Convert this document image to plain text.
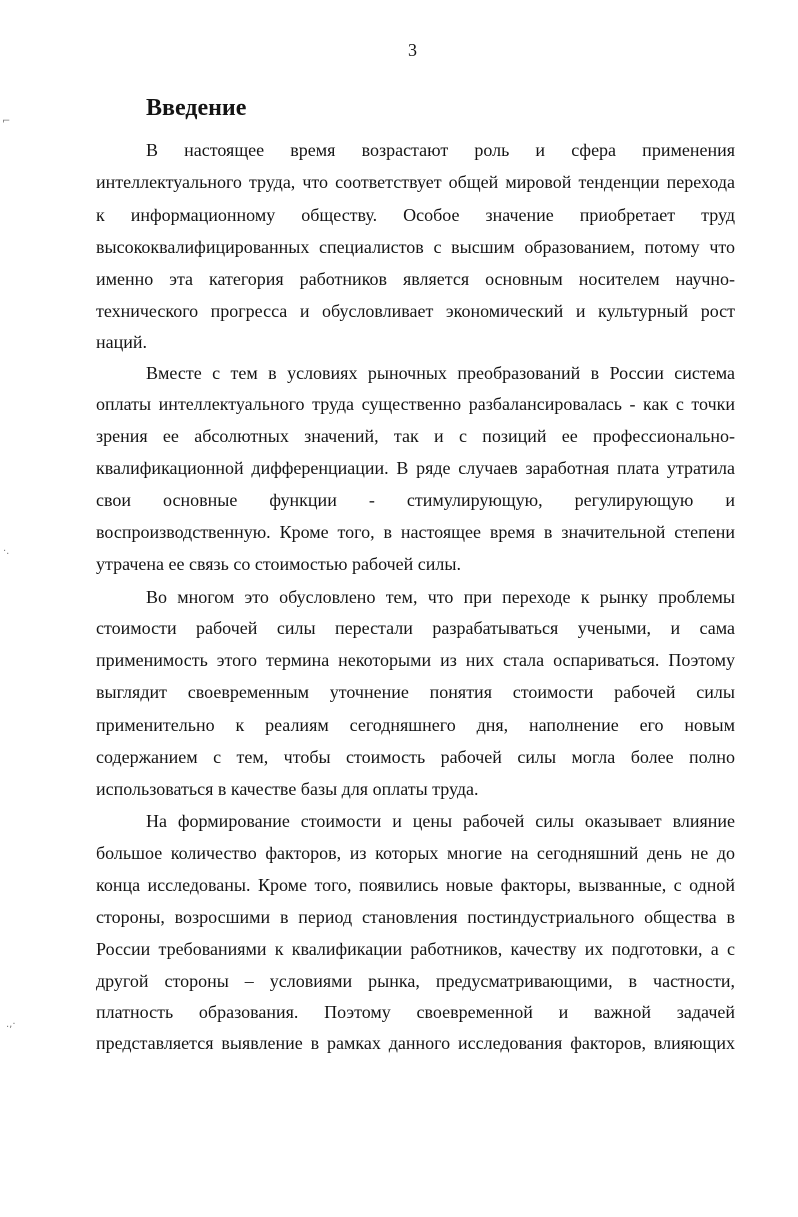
3
Введение
⌐
·.
.,·
В настоящее время возрастают роль и сфера применения
интеллектуального труда, что соответствует общей мировой тенденции перехода
к информационному обществу. Особое значение приобретает труд
высококвалифицированных специалистов с высшим образованием, потому что
именно эта категория работников является основным носителем научно-
технического прогресса и обусловливает экономический и культурный рост
наций.
Вместе с тем в условиях рыночных преобразований в России система
оплаты интеллектуального труда существенно разбалансировалась - как с точки
зрения ее абсолютных значений, так и с позиций ее профессионально-
квалификационной дифференциации. В ряде случаев заработная плата утратила
свои основные функции - стимулирующую, регулирующую и
воспроизводственную. Кроме того, в настоящее время в значительной степени
утрачена ее связь со стоимостью рабочей силы.
Во многом это обусловлено тем, что при переходе к рынку проблемы
стоимости рабочей силы перестали разрабатываться учеными, и сама
применимость этого термина некоторыми из них стала оспариваться. Поэтому
выглядит своевременным уточнение понятия стоимости рабочей силы
применительно к реалиям сегодняшнего дня, наполнение его новым
содержанием с тем, чтобы стоимость рабочей силы могла более полно
использоваться в качестве базы для оплаты труда.
На формирование стоимости и цены рабочей силы оказывает влияние
большое количество факторов, из которых многие на сегодняшний день не до
конца исследованы. Кроме того, появились новые факторы, вызванные, с одной
стороны, возросшими в период становления постиндустриального общества в
России требованиями к квалификации работников, качеству их подготовки, а с
другой стороны – условиями рынка, предусматривающими, в частности,
платность образования. Поэтому своевременной и важной задачей
представляется выявление в рамках данного исследования факторов, влияющих
